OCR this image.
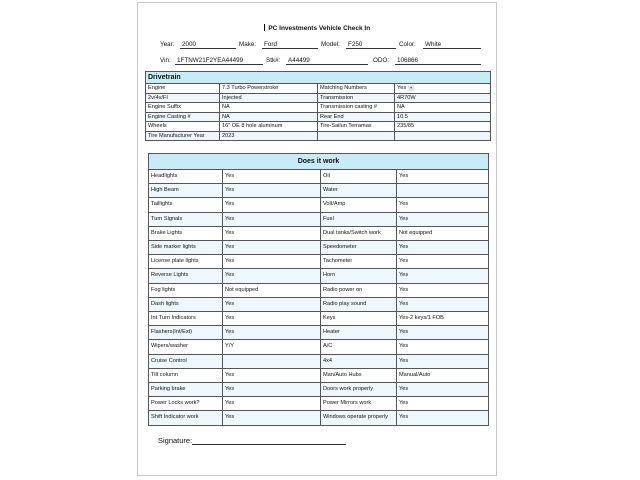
PC Investments Vehicle Check In
Year:	2000	Make:	Ford	Model:	F250	Color:	White
Vin: 1FTNW21F2YEA44499	Stk#:	A44499	ODO:	106866
Drivetrain			
Engine	7.3 Turbo Powerstroke	Matching Numbers	Yes ▾
2v/4v/FI	Injected	Transmission	4R70W
Engine Suffix	NA	Transmission casting #	NA
Engine Casting #	NA	Rear End	10.5
Wheels	16" OE 8 hole aluminum	Tire-Sailun Terramax	235/85
Tire Manufacturer Year	2023		
Does it work			
Headlights	Yes	Oil	Yes
High Beam	Yes	Water	
Taillights	Yes	Volt/Amp	Yes
Turn Signals	Yes	Fuel	Yes
Brake Lights	Yes	Dual tanks/Switch work	Not equipped
Side marker lights	Yes	Speedometer	Yes
License plate lights	Yes	Tachometer	Yes
Reverse Lights	Yes	Horn	Yes
Fog lights	Not equipped	Radio power on	Yes
Dash lights	Yes	Radio play sound	Yes
Int Turn Indicators	Yes	Keys	Yes-2 keys/1 FOB
Flashers(Int/Ext)	Yes	Heater	Yes
Wipers/washer	Y/Y	A/C	Yes
Cruise Control		4x4	Yes
Tilt column	Yes	Man/Auto Hubs	Manual/Auto
Parking brake	Yes	Doors work properly	Yes
Power Locks work?	Yes	Power Mirrors work	Yes
Shift Indicator work	Yes	Windows operate properly	Yes
Signature:
